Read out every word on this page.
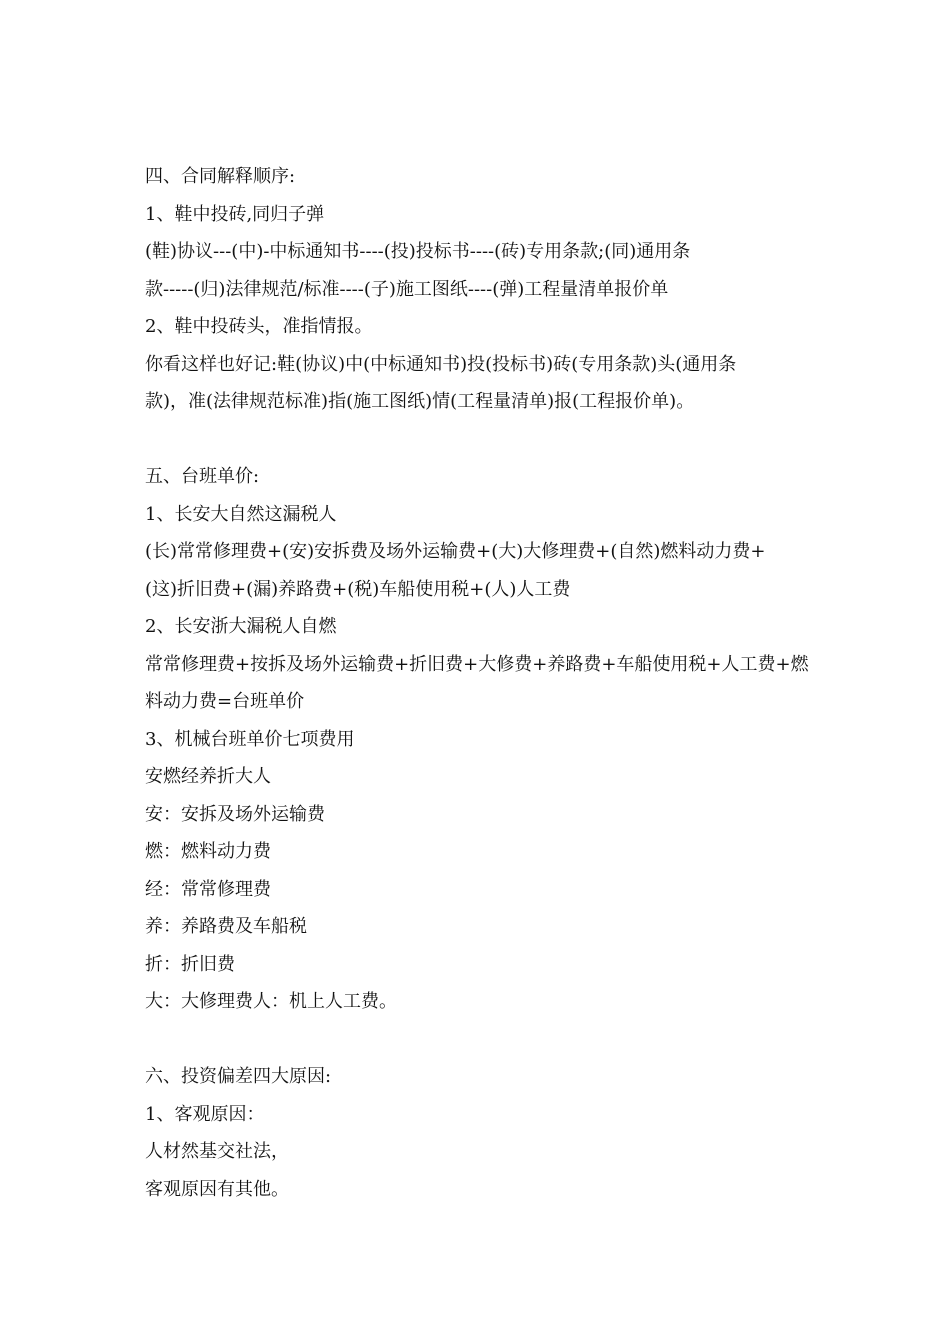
四、合同解释顺序:
1、鞋中投砖,同归子弹
(鞋)协议---(中)-中标通知书----(投)投标书----(砖)专用条款;(同)通用条
款-----(归)法律规范/标准----(子)施工图纸----(弹)工程量清单报价单
2、鞋中投砖头，准指情报。
你看这样也好记:鞋(协议)中(中标通知书)投(投标书)砖(专用条款)头(通用条
款)，准(法律规范标准)指(施工图纸)情(工程量清单)报(工程报价单)。
五、台班单价:
1、长安大自然这漏税人
(长)常常修理费+(安)安拆费及场外运输费+(大)大修理费+(自然)燃料动力费+
(这)折旧费+(漏)养路费+(税)车船使用税+(人)人工费
2、长安浙大漏税人自燃
常常修理费+按拆及场外运输费+折旧费+大修费+养路费+车船使用税+人工费+燃
料动力费=台班单价
3、机械台班单价七项费用
安燃经养折大人
安：安拆及场外运输费
燃：燃料动力费
经：常常修理费
养：养路费及车船税
折：折旧费
大：大修理费人：机上人工费。
六、投资偏差四大原因:
1、客观原因：
人材然基交社法，
客观原因有其他。
